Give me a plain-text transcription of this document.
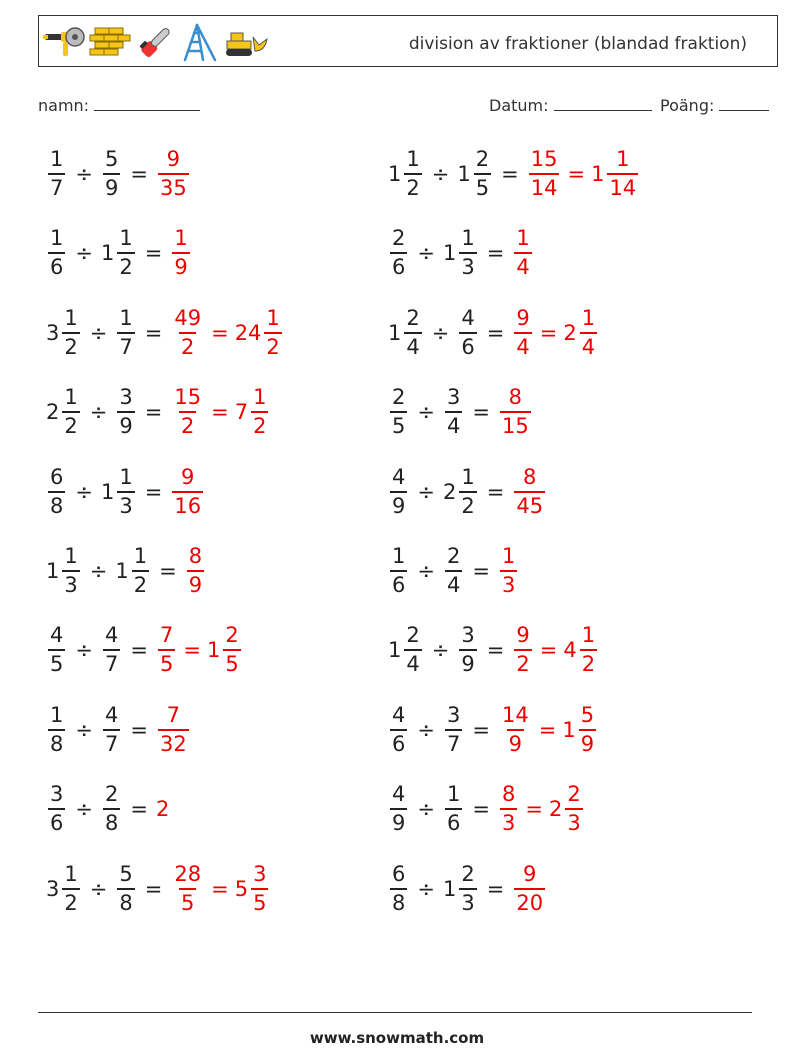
division av fraktioner (blandad fraktion)
namn:	Datum:	Poäng:
$\frac{1}{7} \div \frac{5}{9} = \frac{9}{35}$	$1 \frac{1}{2} \div 1 \frac{2}{5} = \frac{15}{14} = 1 \frac{1}{14}$
$\frac{1}{6} \div 1 \frac{1}{2} = \frac{1}{9}$	$\frac{2}{6} \div 1 \frac{1}{3} = \frac{1}{4}$
$3 \frac{1}{2} \div \frac{1}{7} = \frac{49}{2} = 24 \frac{1}{2}$	$1 \frac{2}{4} \div \frac{4}{6} = \frac{9}{4} = 2 \frac{1}{4}$
$2 \frac{1}{2} \div \frac{3}{9} = \frac{15}{2} = 7 \frac{1}{2}$	$\frac{2}{5} \div \frac{3}{4} = \frac{8}{15}$
$\frac{6}{8} \div 1 \frac{1}{3} = \frac{9}{16}$	$\frac{4}{9} \div 2 \frac{1}{2} = \frac{8}{45}$
$1 \frac{1}{3} \div 1 \frac{1}{2} = \frac{8}{9}$	$\frac{1}{6} \div \frac{2}{4} = \frac{1}{3}$
$\frac{4}{5} \div \frac{4}{7} = \frac{7}{5} = 1 \frac{2}{5}$	$1 \frac{2}{4} \div \frac{3}{9} = \frac{9}{2} = 4 \frac{1}{2}$
$\frac{1}{8} \div \frac{4}{7} = \frac{7}{32}$	$\frac{4}{6} \div \frac{3}{7} = \frac{14}{9} = 1 \frac{5}{9}$
$\frac{3}{6} \div \frac{2}{8} = 2$	$\frac{4}{9} \div \frac{1}{6} = \frac{8}{3} = 2 \frac{2}{3}$
$3 \frac{1}{2} \div \frac{5}{8} = \frac{28}{5} = 5 \frac{3}{5}$	$\frac{6}{8} \div 1 \frac{2}{3} = \frac{9}{20}$
www.snowmath.com
